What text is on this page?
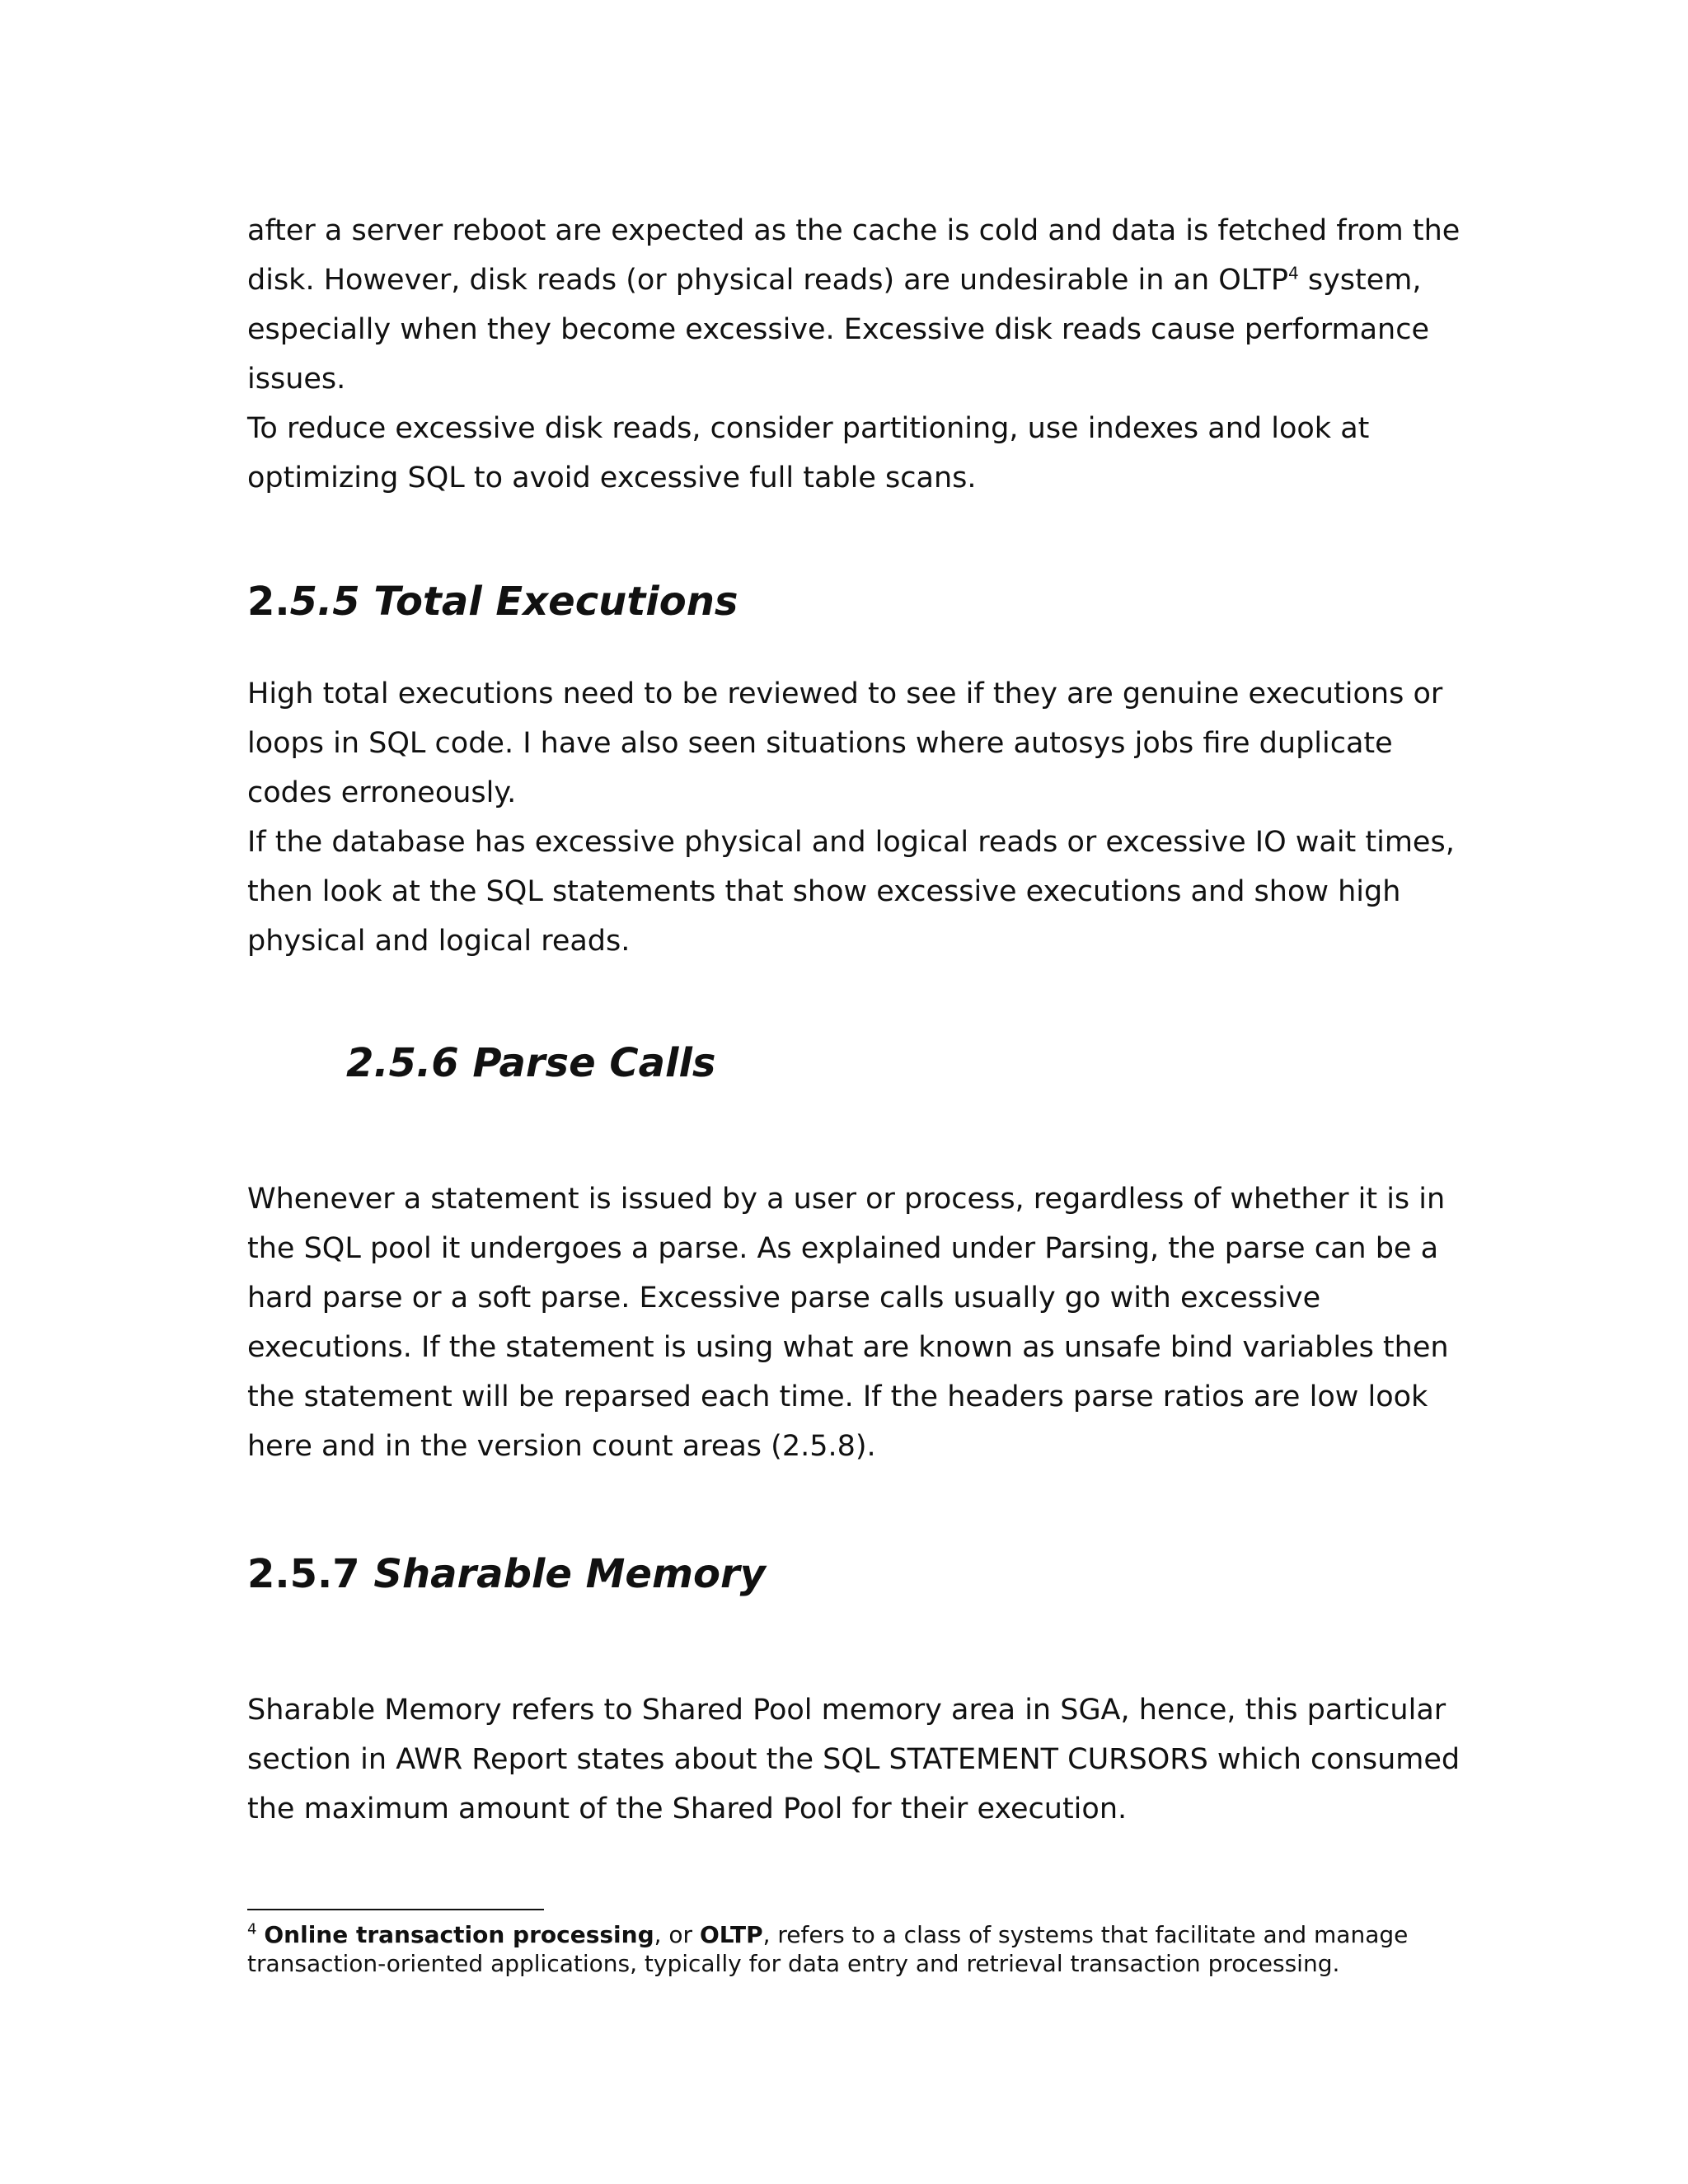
after a server reboot are expected as the cache is cold and data is fetched from the
disk. However, disk reads (or physical reads) are undesirable in an OLTP$^4$ system,
especially when they become excessive. Excessive disk reads cause performance
issues.
To reduce excessive disk reads, consider partitioning, use indexes and look at
optimizing SQL to avoid excessive full table scans.

2.5.5 Total Executions

High total executions need to be reviewed to see if they are genuine executions or
loops in SQL code. I have also seen situations where autosys jobs fire duplicate
codes erroneously.
If the database has excessive physical and logical reads or excessive IO wait times,
then look at the SQL statements that show excessive executions and show high
physical and logical reads.

2.5.6 Parse Calls

Whenever a statement is issued by a user or process, regardless of whether it is in
the SQL pool it undergoes a parse. As explained under Parsing, the parse can be a
hard parse or a soft parse. Excessive parse calls usually go with excessive
executions. If the statement is using what are known as unsafe bind variables then
the statement will be reparsed each time. If the headers parse ratios are low look
here and in the version count areas (2.5.8).

2.5.7 Sharable Memory

Sharable Memory refers to Shared Pool memory area in SGA, hence, this particular
section in AWR Report states about the SQL STATEMENT CURSORS which consumed
the maximum amount of the Shared Pool for their execution.

$^4$ Online transaction processing, or OLTP, refers to a class of systems that facilitate and manage
transaction-oriented applications, typically for data entry and retrieval transaction processing.
